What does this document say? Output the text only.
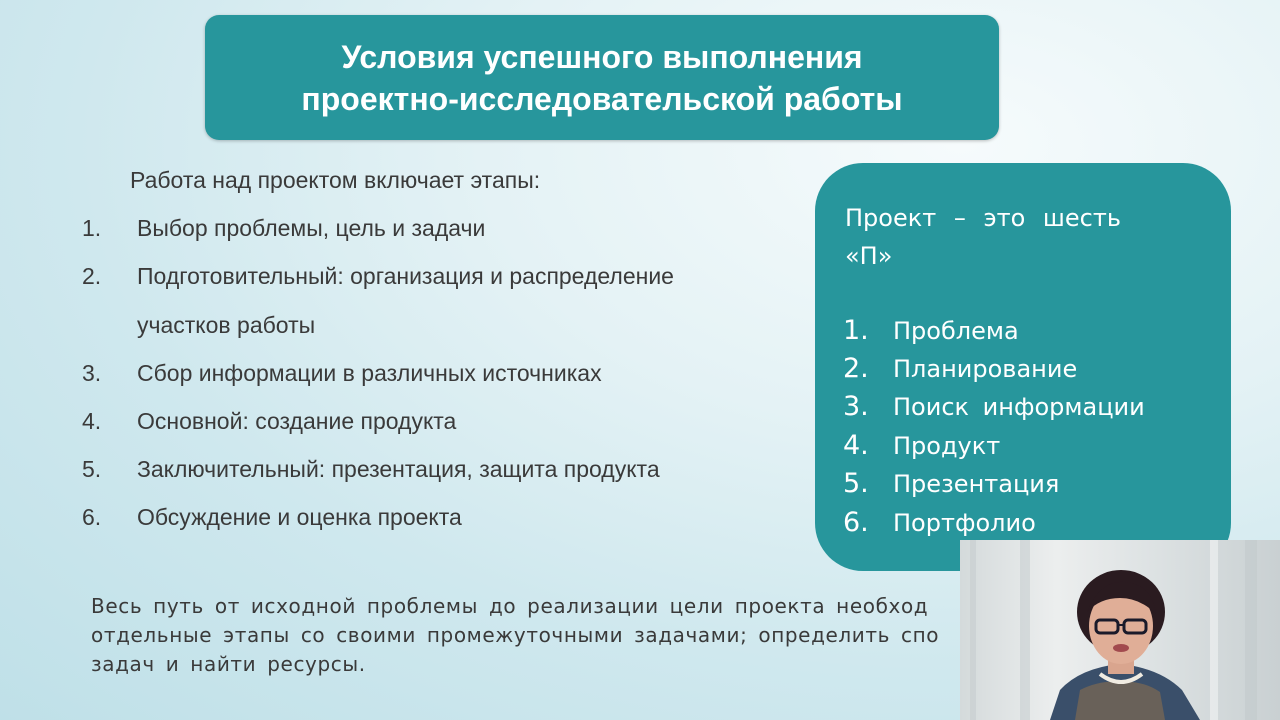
Условия успешного выполнения
проектно-исследовательской работы
Работа над проектом включает этапы:
1. Выбор проблемы, цель и задачи
2. Подготовительный: организация и распределение
участков работы
3. Сбор информации в различных источниках
4. Основной: создание продукта
5. Заключительный: презентация, защита продукта
6. Обсуждение и оценка проекта
Проект – это шесть
«П»
1. Проблема
2. Планирование
3. Поиск информации
4. Продукт
5. Презентация
6. Портфолио
Весь путь от исходной проблемы до реализации цели проекта необход
отдельные этапы со своими промежуточными задачами; определить спо
задач и найти ресурсы.
